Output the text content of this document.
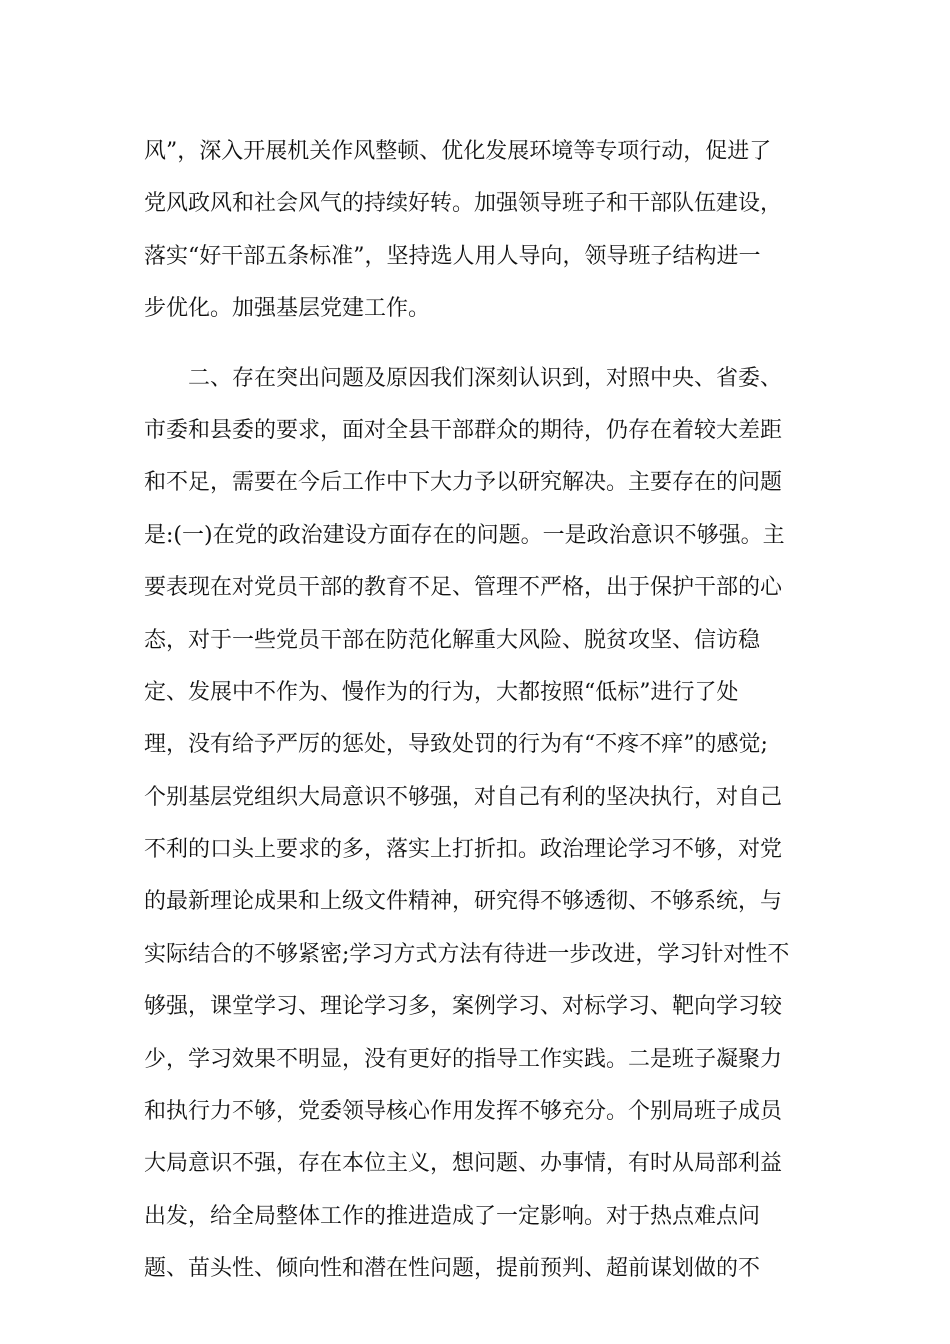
风”，深入开展机关作风整顿、优化发展环境等专项行动，促进了
党风政风和社会风气的持续好转。加强领导班子和干部队伍建设，
落实“好干部五条标准”，坚持选人用人导向，领导班子结构进一
步优化。加强基层党建工作。
二、存在突出问题及原因我们深刻认识到，对照中央、省委、
市委和县委的要求，面对全县干部群众的期待，仍存在着较大差距
和不足，需要在今后工作中下大力予以研究解决。主要存在的问题
是:(一)在党的政治建设方面存在的问题。一是政治意识不够强。主
要表现在对党员干部的教育不足、管理不严格，出于保护干部的心
态，对于一些党员干部在防范化解重大风险、脱贫攻坚、信访稳
定、发展中不作为、慢作为的行为，大都按照“低标”进行了处
理，没有给予严厉的惩处，导致处罚的行为有“不疼不痒”的感觉;
个别基层党组织大局意识不够强，对自己有利的坚决执行，对自己
不利的口头上要求的多，落实上打折扣。政治理论学习不够，对党
的最新理论成果和上级文件精神，研究得不够透彻、不够系统，与
实际结合的不够紧密;学习方式方法有待进一步改进，学习针对性不
够强，课堂学习、理论学习多，案例学习、对标学习、靶向学习较
少，学习效果不明显，没有更好的指导工作实践。二是班子凝聚力
和执行力不够，党委领导核心作用发挥不够充分。个别局班子成员
大局意识不强，存在本位主义，想问题、办事情，有时从局部利益
出发，给全局整体工作的推进造成了一定影响。对于热点难点问
题、苗头性、倾向性和潜在性问题，提前预判、超前谋划做的不
